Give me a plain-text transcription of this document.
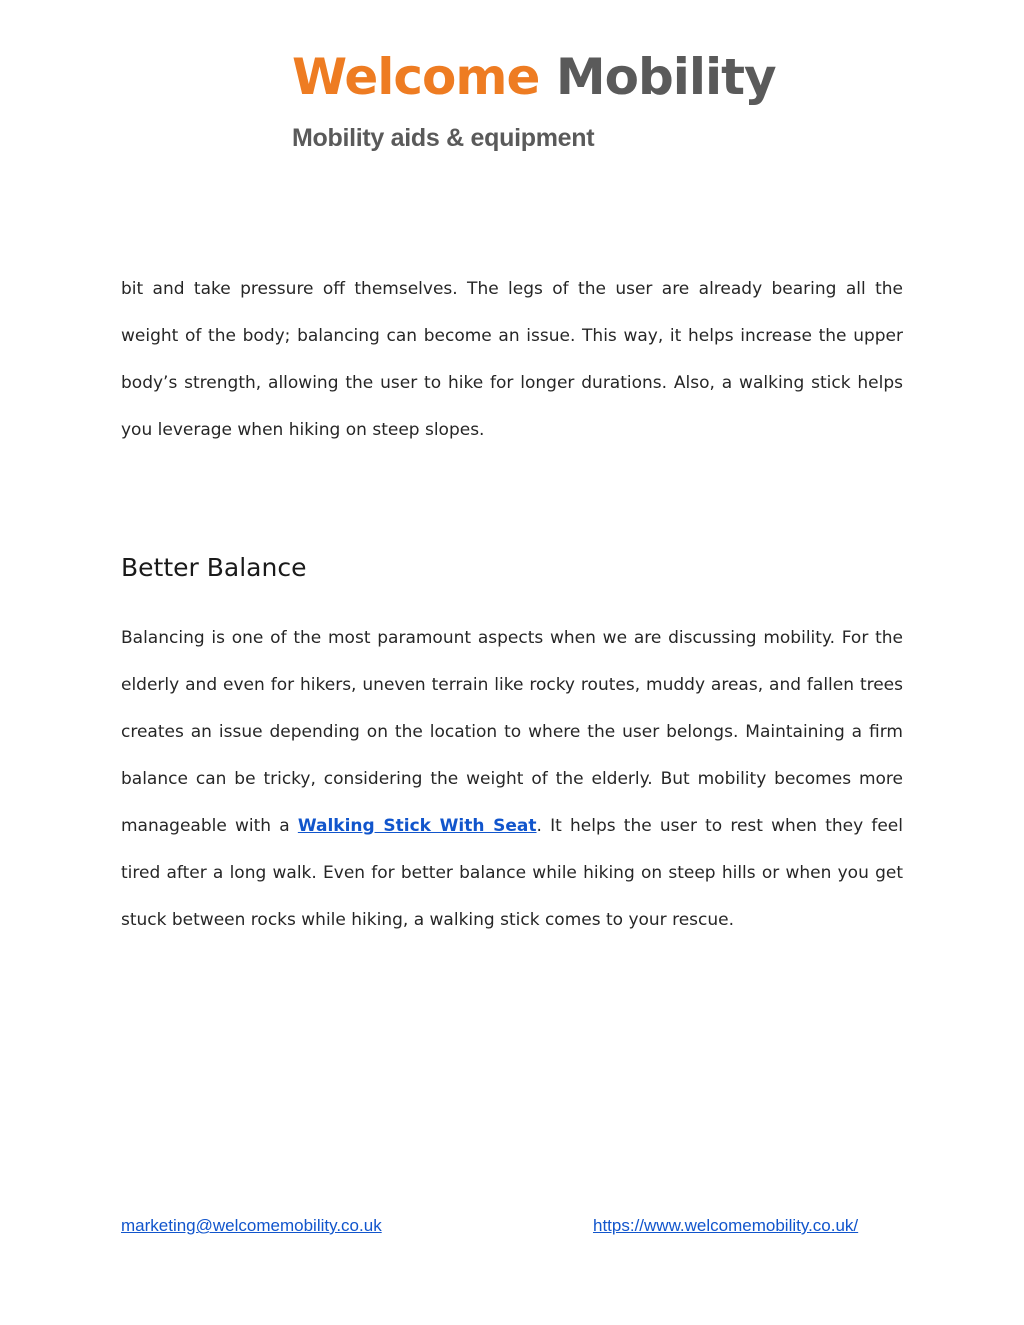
Welcome Mobility
Mobility aids & equipment

bit and take pressure off themselves. The legs of the user are already bearing all the weight of the body; balancing can become an issue. This way, it helps increase the upper body’s strength, allowing the user to hike for longer durations. Also, a walking stick helps you leverage when hiking on steep slopes.

Better Balance

Balancing is one of the most paramount aspects when we are discussing mobility. For the elderly and even for hikers, uneven terrain like rocky routes, muddy areas, and fallen trees creates an issue depending on the location to where the user belongs. Maintaining a firm balance can be tricky, considering the weight of the elderly. But mobility becomes more manageable with a Walking Stick With Seat. It helps the user to rest when they feel tired after a long walk. Even for better balance while hiking on steep hills or when you get stuck between rocks while hiking, a walking stick comes to your rescue.

marketing@welcomemobility.co.uk	https://www.welcomemobility.co.uk/
